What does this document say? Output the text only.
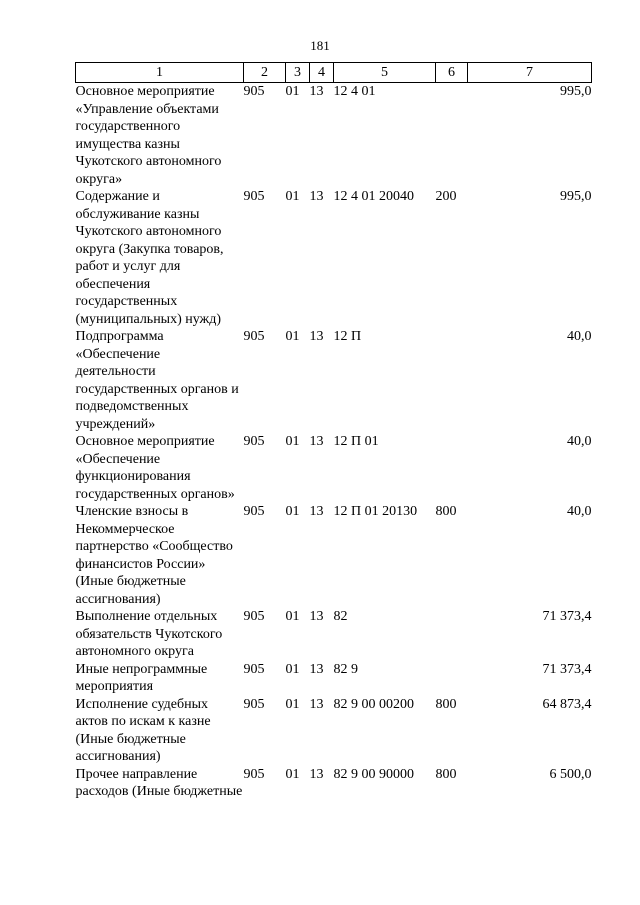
181
1	2	3	4	5	6	7
Основное мероприятие «Управление объектами государственного имущества казны Чукотского автономного округа»	905	01	13	12 4 01		995,0
Содержание и обслуживание казны Чукотского автономного округа (Закупка товаров, работ и услуг для обеспечения государственных (муниципальных) нужд)	905	01	13	12 4 01 20040	200	995,0
Подпрограмма «Обеспечение деятельности государственных органов и подведомственных учреждений»	905	01	13	12 П		40,0
Основное мероприятие «Обеспечение функционирования государственных органов»	905	01	13	12 П 01		40,0
Членские взносы в Некоммерческое партнерство «Сообщество финансистов России» (Иные бюджетные ассигнования)	905	01	13	12 П 01 20130	800	40,0
Выполнение отдельных обязательств Чукотского автономного округа	905	01	13	82		71 373,4
Иные непрограммные мероприятия	905	01	13	82 9		71 373,4
Исполнение судебных актов по искам к казне (Иные бюджетные ассигнования)	905	01	13	82 9 00 00200	800	64 873,4
Прочее направление расходов (Иные бюджетные	905	01	13	82 9 00 90000	800	6 500,0
